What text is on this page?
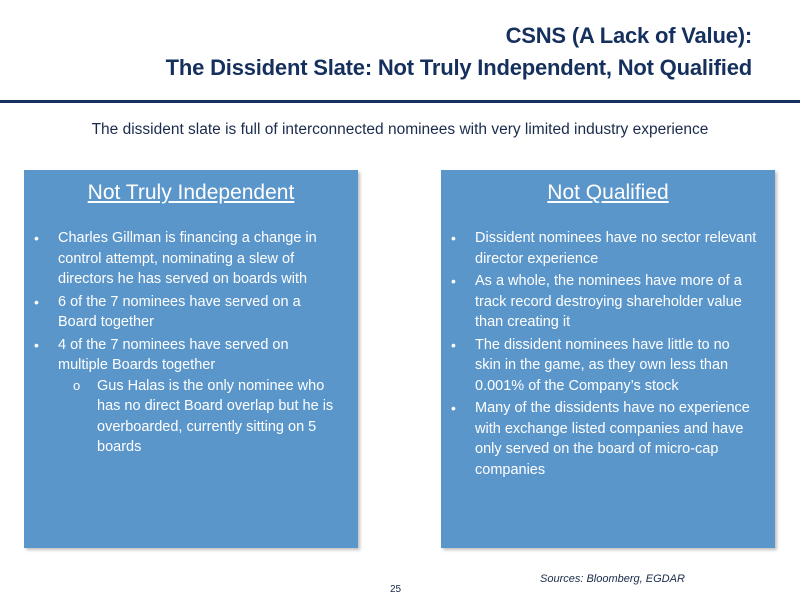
CSNS (A Lack of Value):
The Dissident Slate: Not Truly Independent, Not Qualified
The dissident slate is full of interconnected nominees with very limited industry experience
Not Truly Independent
• Charles Gillman is financing a change in control attempt, nominating a slew of directors he has served on boards with
• 6 of the 7 nominees have served on a Board together
• 4 of the 7 nominees have served on multiple Boards together
o Gus Halas is the only nominee who has no direct Board overlap but he is overboarded, currently sitting on 5 boards
Not Qualified
• Dissident nominees have no sector relevant director experience
• As a whole, the nominees have more of a track record destroying shareholder value than creating it
• The dissident nominees have little to no skin in the game, as they own less than 0.001% of the Company’s stock
• Many of the dissidents have no experience with exchange listed companies and have only served on the board of micro-cap companies
Sources: Bloomberg, EGDAR
25
